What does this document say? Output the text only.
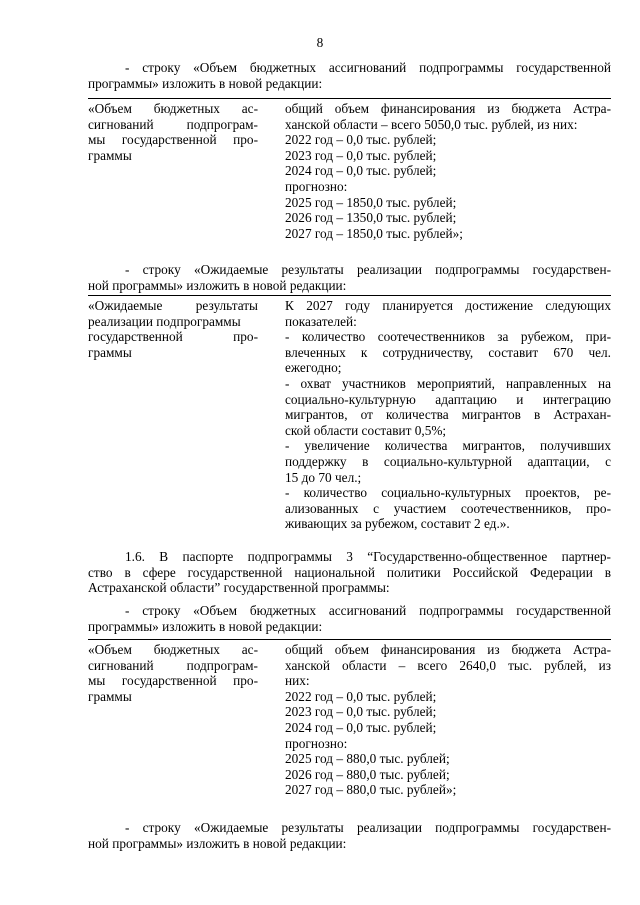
8
- строку «Объем бюджетных ассигнований подпрограммы государственной
программы» изложить в новой редакции:
«Объем бюджетных ас-
сигнований подпрограм-
мы государственной про-
граммы
общий объем финансирования из бюджета Астра-
ханской области – всего 5050,0 тыс. рублей, из них:
2022 год – 0,0 тыс. рублей;
2023 год – 0,0 тыс. рублей;
2024 год – 0,0 тыс. рублей;
прогнозно:
2025 год – 1850,0 тыс. рублей;
2026 год – 1350,0 тыс. рублей;
2027 год – 1850,0 тыс. рублей»;
- строку «Ожидаемые результаты реализации подпрограммы государствен-
ной программы» изложить в новой редакции:
«Ожидаемые результаты
реализации подпрограммы
государственной про-
граммы
К 2027 году планируется достижение следующих
показателей:
- количество соотечественников за рубежом, при-
влеченных к сотрудничеству, составит 670 чел.
ежегодно;
- охват участников мероприятий, направленных на
социально-культурную адаптацию и интеграцию
мигрантов, от количества мигрантов в Астрахан-
ской области составит 0,5%;
- увеличение количества мигрантов, получивших
поддержку в социально-культурной адаптации, с
15 до 70 чел.;
- количество социально-культурных проектов, ре-
ализованных с участием соотечественников, про-
живающих за рубежом, составит 2 ед.».
1.6. В паспорте подпрограммы 3 “Государственно-общественное партнер-
ство в сфере государственной национальной политики Российской Федерации в
Астраханской области” государственной программы:
- строку «Объем бюджетных ассигнований подпрограммы государственной
программы» изложить в новой редакции:
«Объем бюджетных ас-
сигнований подпрограм-
мы государственной про-
граммы
общий объем финансирования из бюджета Астра-
ханской области – всего 2640,0 тыс. рублей, из
них:
2022 год – 0,0 тыс. рублей;
2023 год – 0,0 тыс. рублей;
2024 год – 0,0 тыс. рублей;
прогнозно:
2025 год – 880,0 тыс. рублей;
2026 год – 880,0 тыс. рублей;
2027 год – 880,0 тыс. рублей»;
- строку «Ожидаемые результаты реализации подпрограммы государствен-
ной программы» изложить в новой редакции:
